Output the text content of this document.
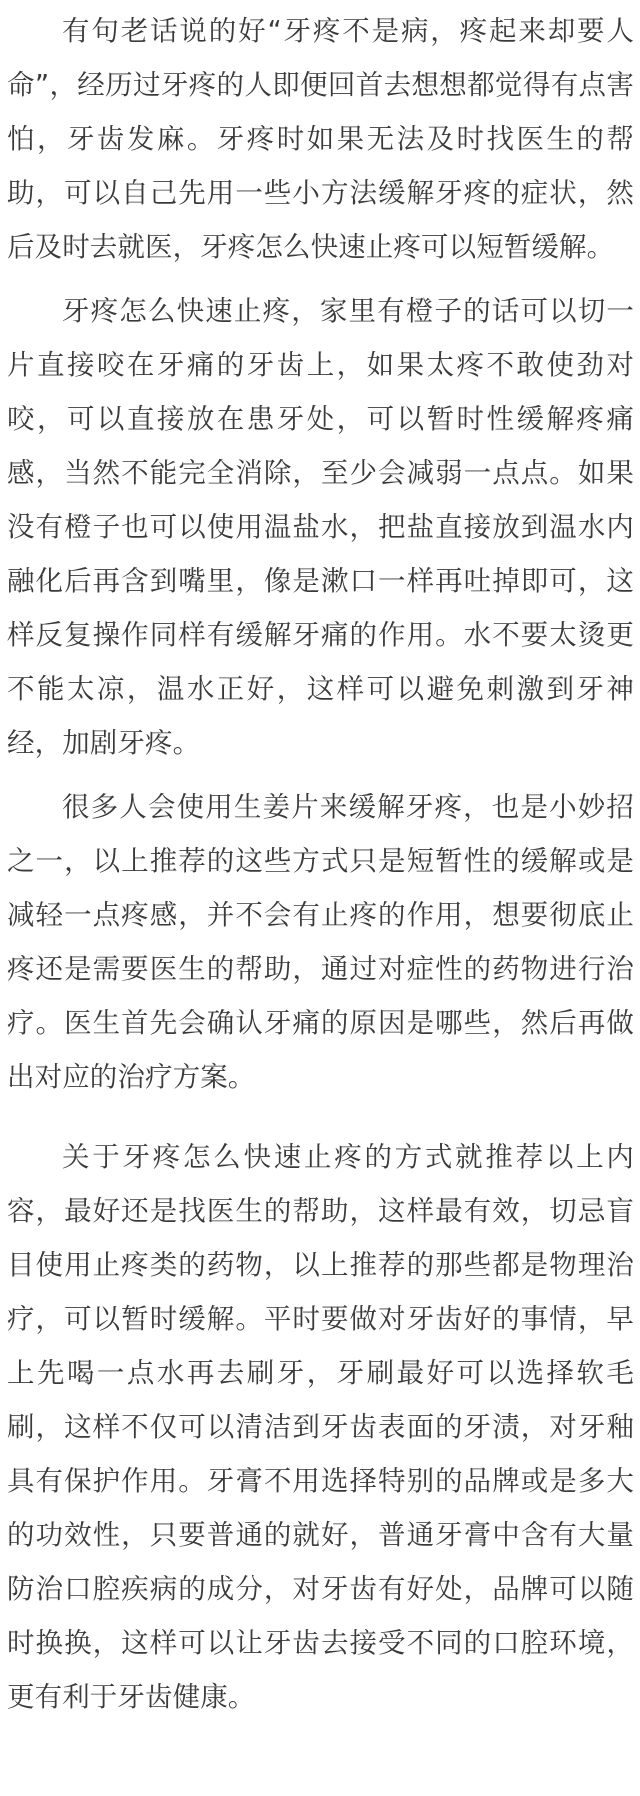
有句老话说的好“牙疼不是病，疼起来却要人命”，经历过牙疼的人即便回首去想想都觉得有点害怕，牙齿发麻。牙疼时如果无法及时找医生的帮助，可以自己先用一些小方法缓解牙疼的症状，然后及时去就医，牙疼怎么快速止疼可以短暂缓解。

牙疼怎么快速止疼，家里有橙子的话可以切一片直接咬在牙痛的牙齿上，如果太疼不敢使劲对咬，可以直接放在患牙处，可以暂时性缓解疼痛感，当然不能完全消除，至少会减弱一点点。如果没有橙子也可以使用温盐水，把盐直接放到温水内融化后再含到嘴里，像是漱口一样再吐掉即可，这样反复操作同样有缓解牙痛的作用。水不要太烫更不能太凉，温水正好，这样可以避免刺激到牙神经，加剧牙疼。

很多人会使用生姜片来缓解牙疼，也是小妙招之一，以上推荐的这些方式只是短暂性的缓解或是减轻一点疼感，并不会有止疼的作用，想要彻底止疼还是需要医生的帮助，通过对症性的药物进行治疗。医生首先会确认牙痛的原因是哪些，然后再做出对应的治疗方案。

关于牙疼怎么快速止疼的方式就推荐以上内容，最好还是找医生的帮助，这样最有效，切忌盲目使用止疼类的药物，以上推荐的那些都是物理治疗，可以暂时缓解。平时要做对牙齿好的事情，早上先喝一点水再去刷牙，牙刷最好可以选择软毛刷，这样不仅可以清洁到牙齿表面的牙渍，对牙釉具有保护作用。牙膏不用选择特别的品牌或是多大的功效性，只要普通的就好，普通牙膏中含有大量防治口腔疾病的成分，对牙齿有好处，品牌可以随时换换，这样可以让牙齿去接受不同的口腔环境，更有利于牙齿健康。
